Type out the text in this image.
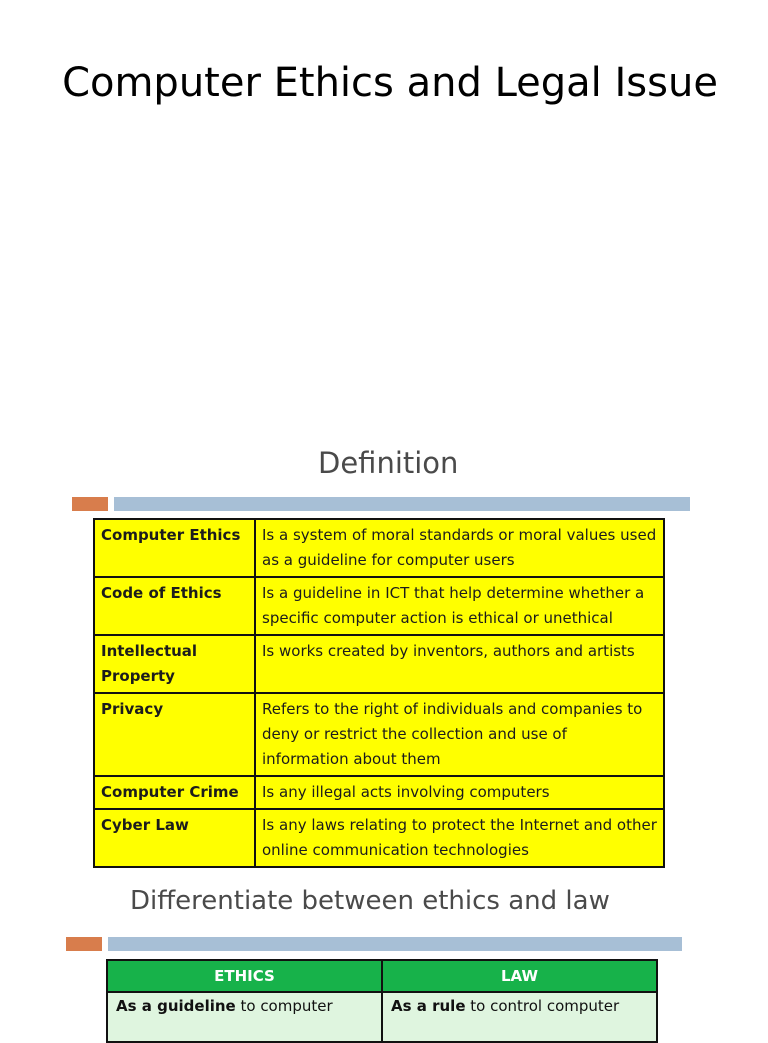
Computer Ethics and Legal Issue
Definition
Computer Ethics	Is a system of moral standards or moral values used as a guideline for computer users
Code of Ethics	Is a guideline in ICT that help determine whether a specific computer action is ethical or unethical
Intellectual Property	Is works created by inventors, authors and artists
Privacy	Refers to the right of individuals and companies to deny or restrict the collection and use of information about them
Computer Crime	Is any illegal acts involving computers
Cyber Law	Is any laws relating to protect the Internet and other online communication technologies
Differentiate between ethics and law
ETHICS	LAW
As a guideline to computer	As a rule to control computer
